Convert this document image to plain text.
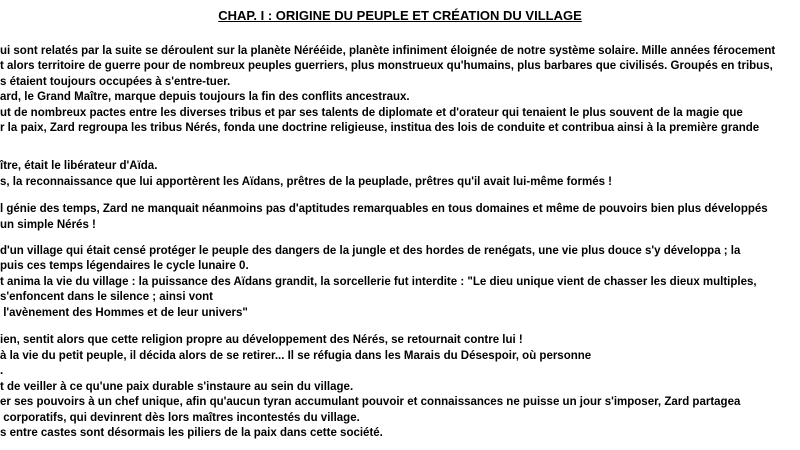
CHAP. I : ORIGINE DU PEUPLE ET CRÉATION DU VILLAGE
ui sont relatés par la suite se déroulent sur la planète Nérééide, planète infiniment éloignée de notre système solaire. Mille années férocement
t alors territoire de guerre pour de nombreux peuples guerriers, plus monstrueux qu'humains, plus barbares que civilisés. Groupés en tribus,
s étaient toujours occupées à s'entre-tuer.
ard, le Grand Maître, marque depuis toujours la fin des conflits ancestraux.
ut de nombreux pactes entre les diverses tribus et par ses talents de diplomate et d'orateur qui tenaient le plus souvent de la magie que
r la paix, Zard regroupa les tribus Nérés, fonda une doctrine religieuse, institua des lois de conduite et contribua ainsi à la première grande
ître, était le libérateur d'Aïda.
s, la reconnaissance que lui apportèrent les Aïdans, prêtres de la peuplade, prêtres qu'il avait lui-même formés !
l génie des temps, Zard ne manquait néanmoins pas d'aptitudes remarquables en tous domaines et même de pouvoirs bien plus développés
un simple Nérés !
d'un village qui était censé protéger le peuple des dangers de la jungle et des hordes de renégats, une vie plus douce s'y développa ; la
puis ces temps légendaires le cycle lunaire 0.
t anima la vie du village : la puissance des Aïdans grandit, la sorcellerie fut interdite : "Le dieu unique vient de chasser les dieux multiples,
s'enfoncent dans le silence ; ainsi vont
l'avènement des Hommes et de leur univers"
ien, sentit alors que cette religion propre au développement des Nérés, se retournait contre lui !
à la vie du petit peuple, il décida alors de se retirer... Il se réfugia dans les Marais du Désespoir, où personne
.
t de veiller à ce qu'une paix durable s'instaure au sein du village.
er ses pouvoirs à un chef unique, afin qu'aucun tyran accumulant pouvoir et connaissances ne puisse un jour s'imposer, Zard partagea
corporatifs, qui devinrent dès lors maîtres incontestés du village.
s entre castes sont désormais les piliers de la paix dans cette société.
